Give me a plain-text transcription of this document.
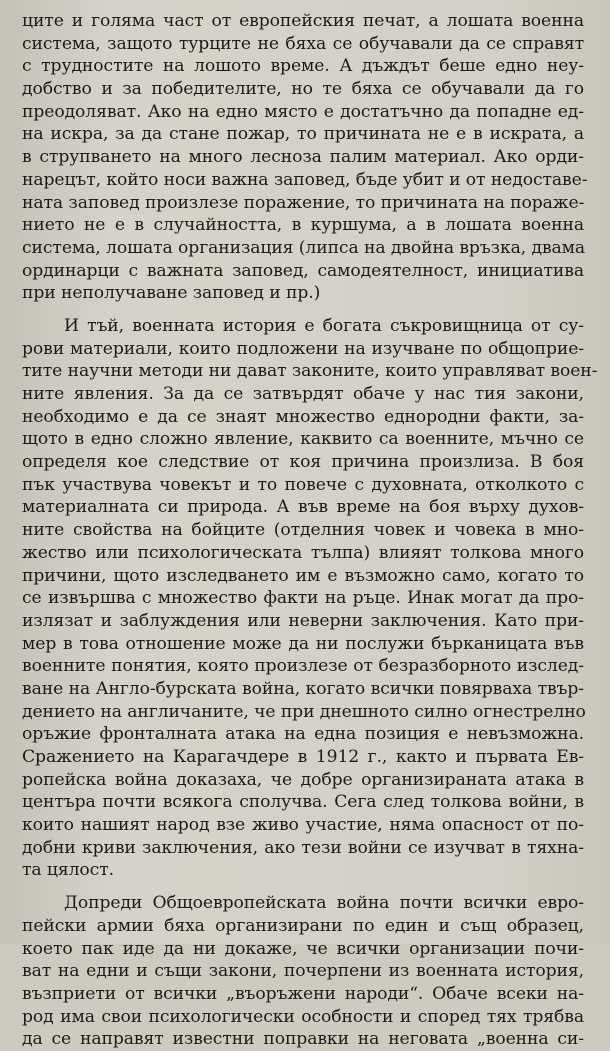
ците и голяма част от европейския печат, а лошата военна
система, защото турците не бяха се обучавали да се справят
с трудностите на лошото време. А дъждът беше едно неу-
добство и за победителите, но те бяха се обучавали да го
преодоляват. Ако на едно място е достатъчно да попадне ед-
на искра, за да стане пожар, то причината не е в искрата, а
в струпването на много лесноза палим материал. Ако орди-
нарецът, който носи важна заповед, бъде убит и от недоставе-
ната заповед произлезе поражение, то причината на пораже-
нието не е в случайността, в куршума, а в лошата военна
система, лошата организация (липса на двойна връзка, двама
ординарци с важната заповед, самодеятелност, инициатива
при неполучаване заповед и пр.)
И тъй, военната история е богата съкровищница от су-
рови материали, които подложени на изучване по общоприе-
тите научни методи ни дават законите, които управляват воен-
ните явления. За да се затвърдят обаче у нас тия закони,
необходимо е да се знаят множество еднородни факти, за-
щото в едно сложно явление, каквито са военните, мъчно се
определя кое следствие от коя причина произлиза. В боя
пък участвува човекът и то повече с духовната, отколкото с
материалната си природа. А във време на боя върху духов-
ните свойства на бойците (отделния човек и човека в мно-
жество или психологическата тълпа) влияят толкова много
причини, щото изследването им е възможно само, когато то
се извършва с множество факти на ръце. Инак могат да про-
излязат и заблуждения или неверни заключения. Като при-
мер в това отношение може да ни послужи бърканицата във
военните понятия, която произлезе от безразборното изслед-
ване на Англо-бурската война, когато всички повярваха твър-
дението на англичаните, че при днешното силно огнестрелно
оръжие фронталната атака на една позиция е невъзможна.
Сражението на Карагачдере в 1912 г., както и първата Ев-
ропейска война доказаха, че добре организираната атака в
центъра почти всякога сполучва. Сега след толкова войни, в
които нашият народ взе живо участие, няма опасност от по-
добни криви заключения, ако тези войни се изучват в тяхна-
та цялост.
Допреди Общоевропейската война почти всички евро-
пейски армии бяха организирани по един и същ образец,
което пак иде да ни докаже, че всички организации почи-
ват на едни и същи закони, почерпени из военната история,
възприети от всички „въоръжени народи“. Обаче всеки на-
род има свои психологически особности и според тях трябва
да се направят известни поправки на неговата „военна си-
